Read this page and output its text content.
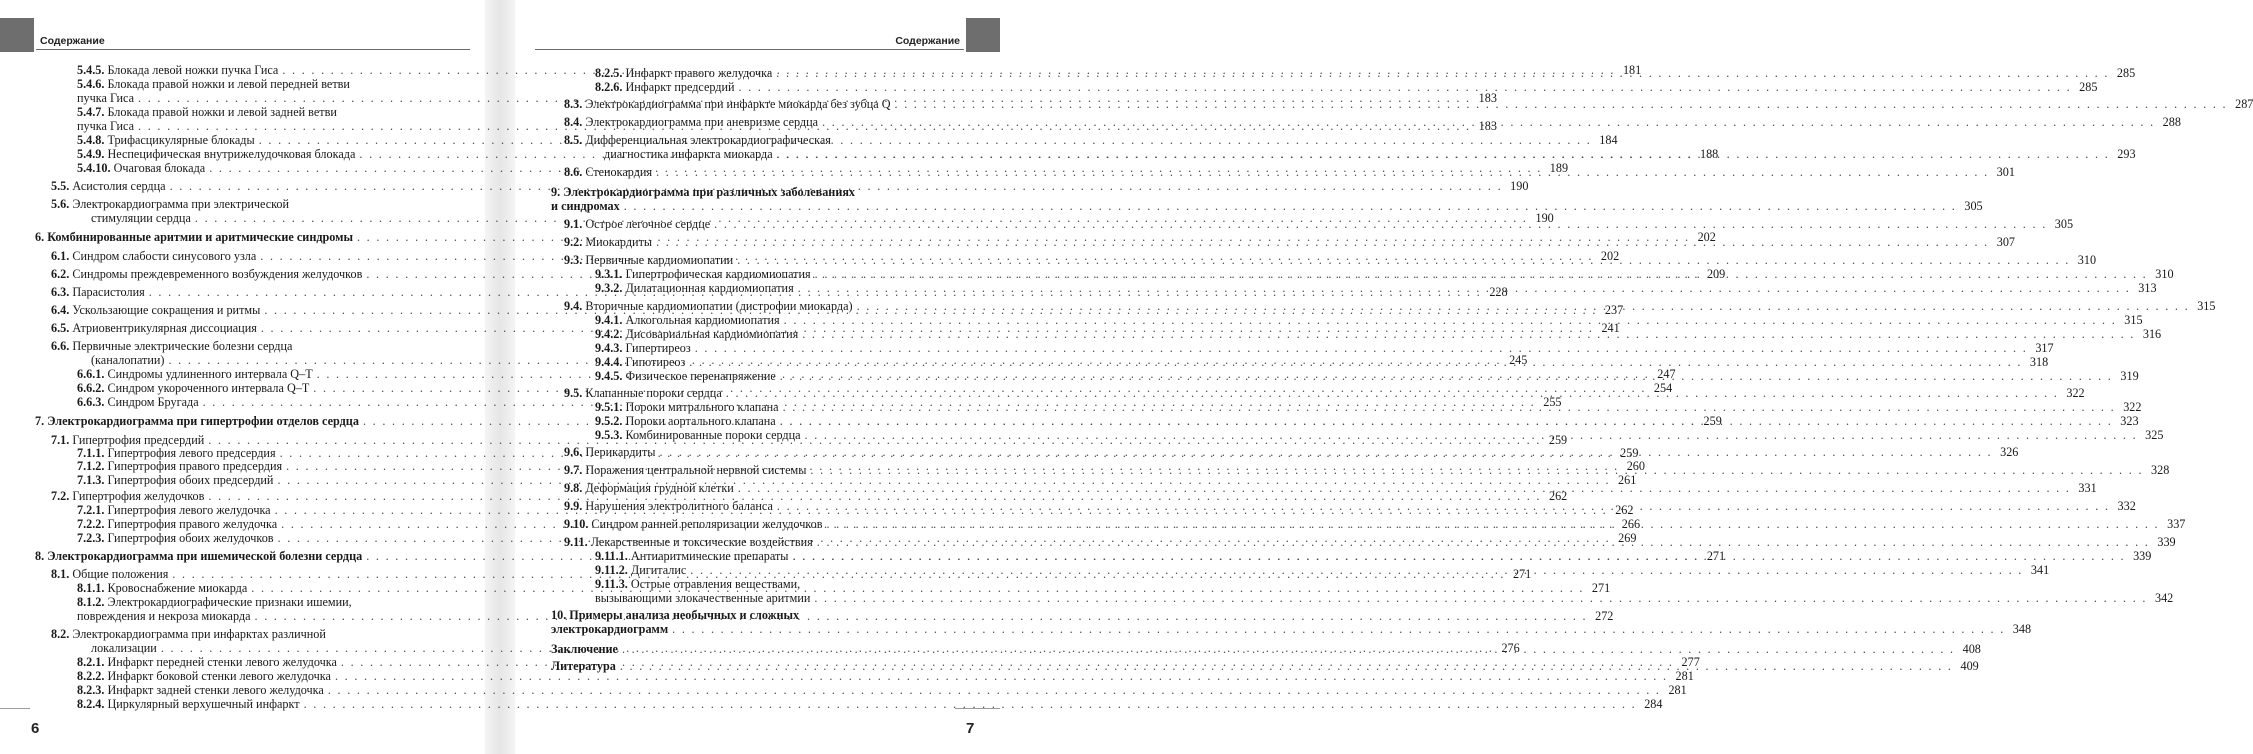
Содержание
5.4.5. Блокада левой ножки пучка Гиса . . .	181
5.4.6. Блокада правой ножки и левой передней ветви
пучка Гиса . . .	183
5.4.7. Блокада правой ножки и левой задней ветви
пучка Гиса . . .	183
5.4.8. Трифасцикулярные блокады . . .	184
5.4.9. Неспецифическая внутрижелудочковая блокада . . .	188
5.4.10. Очаговая блокада . . .	189
5.5. Асистолия сердца . . .	190
5.6. Электрокардиограмма при электрической
стимуляции сердца . . .	190
6. Комбинированные аритмии и аритмические синдромы . . .	202
6.1. Синдром слабости синусового узла . . .	202
6.2. Синдромы преждевременного возбуждения желудочков . . .	209
6.3. Парасистолия . . .	228
6.4. Ускользающие сокращения и ритмы . . .	237
6.5. Атриовентрикулярная диссоциация . . .	241
6.6. Первичные электрические болезни сердца
(каналопатии) . . .	245
6.6.1. Синдромы удлиненного интервала Q–T . . .	247
6.6.2. Синдром укороченного интервала Q–T . . .	254
6.6.3. Синдром Бругада . . .	255
7. Электрокардиограмма при гипертрофии отделов сердца . . .	259
7.1. Гипертрофия предсердий . . .	259
7.1.1. Гипертрофия левого предсердия . . .	259
7.1.2. Гипертрофия правого предсердия . . .	260
7.1.3. Гипертрофия обоих предсердий . . .	261
7.2. Гипертрофия желудочков . . .	262
7.2.1. Гипертрофия левого желудочка . . .	262
7.2.2. Гипертрофия правого желудочка . . .	266
7.2.3. Гипертрофия обоих желудочков . . .	269
8. Электрокардиограмма при ишемической болезни сердца . . .	271
8.1. Общие положения . . .	271
8.1.1. Кровоснабжение миокарда . . .	271
8.1.2. Электрокардиографические признаки ишемии,
повреждения и некроза миокарда . . .	272
8.2. Электрокардиограмма при инфарктах различной
локализации . . .	276
8.2.1. Инфаркт передней стенки левого желудочка . . .	277
8.2.2. Инфаркт боковой стенки левого желудочка . . .	281
8.2.3. Инфаркт задней стенки левого желудочка . . .	281
8.2.4. Циркулярный верхушечный инфаркт . . .	284
6
Содержание
8.2.5. Инфаркт правого желудочка . . .	285
8.2.6. Инфаркт предсердий . . .	285
8.3. Электрокардиограмма при инфаркте миокарда без зубца Q . . .	287
8.4. Электрокардиограмма при аневризме сердца . . .	288
8.5. Дифференциальная электрокардиографическая
диагностика инфаркта миокарда . . .	293
8.6. Стенокардия . . .	301
9. Электрокардиограмма при различных заболеваниях
и синдромах . . .	305
9.1. Острое легочное сердце . . .	305
9.2. Миокардиты . . .	307
9.3. Первичные кардиомиопатии . . .	310
9.3.1. Гипертрофическая кардиомиопатия . . .	310
9.3.2. Дилатационная кардиомиопатия . . .	313
9.4. Вторичные кардиомиопатии (дистрофии миокарда) . . .	315
9.4.1. Алкогольная кардиомиопатия . . .	315
9.4.2. Дисовариальная кардиомиопатия . . .	316
9.4.3. Гипертиреоз . . .	317
9.4.4. Гипотиреоз . . .	318
9.4.5. Физическое перенапряжение . . .	319
9.5. Клапанные пороки сердца . . .	322
9.5.1. Пороки митрального клапана . . .	322
9.5.2. Пороки аортального клапана . . .	323
9.5.3. Комбинированные пороки сердца . . .	325
9.6. Перикардиты . . .	326
9.7. Поражения центральной нервной системы . . .	328
9.8. Деформация грудной клетки . . .	331
9.9. Нарушения электролитного баланса . . .	332
9.10. Синдром ранней реполяризации желудочков . . .	337
9.11. Лекарственные и токсические воздействия . . .	339
9.11.1. Антиаритмические препараты . . .	339
9.11.2. Дигиталис . . .	341
9.11.3. Острые отравления веществами,
вызывающими злокачественные аритмии . . .	342
10. Примеры анализа необычных и сложных
электрокардиограмм . . .	348
Заключение . . .	408
Литература . . .	409
7
